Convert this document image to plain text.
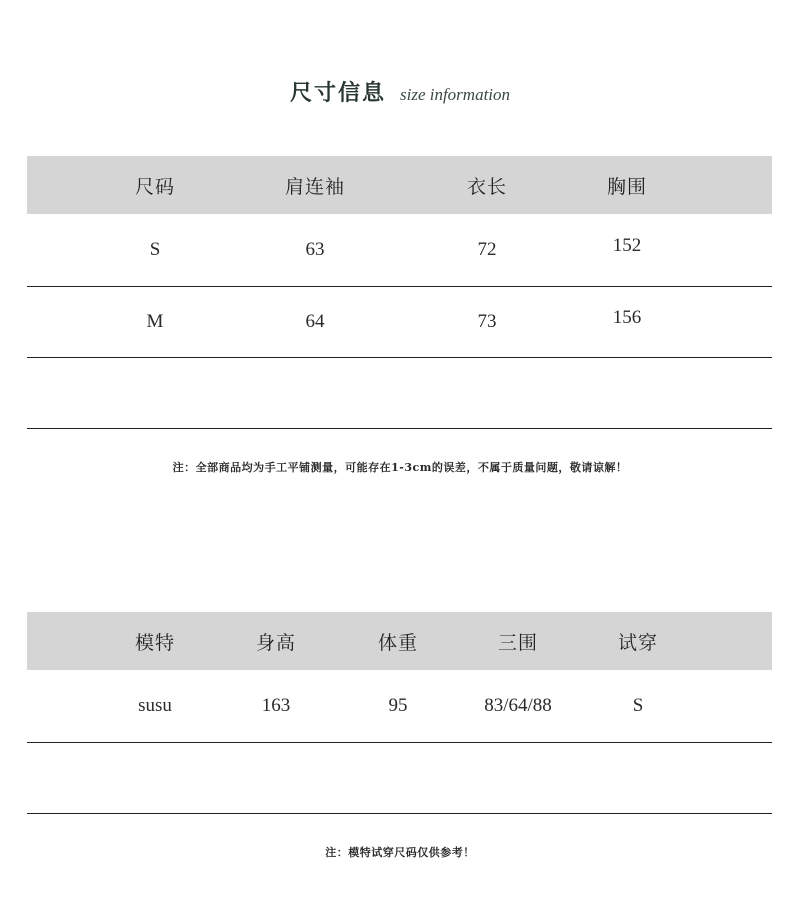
尺寸信息 size information
尺码	肩连袖	衣长	胸围
S	63	72	152
M	64	73	156
注：全部商品均为手工平铺测量，可能存在1-3cm的误差，不属于质量问题，敬请谅解！
模特	身高	体重	三围	试穿
susu	163	95	83/64/88	S
注：模特试穿尺码仅供参考！
